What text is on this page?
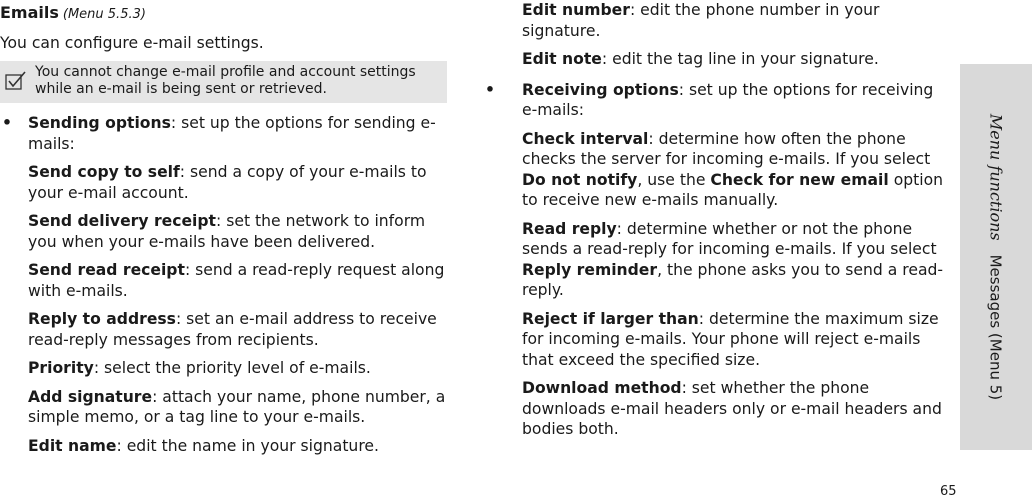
Emails (Menu 5.5.3)
You can configure e-mail settings.
You cannot change e-mail profile and account settings while an e-mail is being sent or retrieved.
• Sending options: set up the options for sending e-mails:
Send copy to self: send a copy of your e-mails to your e-mail account.
Send delivery receipt: set the network to inform you when your e-mails have been delivered.
Send read receipt: send a read-reply request along with e-mails.
Reply to address: set an e-mail address to receive read-reply messages from recipients.
Priority: select the priority level of e-mails.
Add signature: attach your name, phone number, a simple memo, or a tag line to your e-mails.
Edit name: edit the name in your signature.
Edit number: edit the phone number in your signature.
Edit note: edit the tag line in your signature.
• Receiving options: set up the options for receiving e-mails:
Check interval: determine how often the phone checks the server for incoming e-mails. If you select Do not notify, use the Check for new email option to receive new e-mails manually.
Read reply: determine whether or not the phone sends a read-reply for incoming e-mails. If you select Reply reminder, the phone asks you to send a read-reply.
Reject if larger than: determine the maximum size for incoming e-mails. Your phone will reject e-mails that exceed the specified size.
Download method: set whether the phone downloads e-mail headers only or e-mail headers and bodies both.
Menu functionsMessages (Menu 5)
65
